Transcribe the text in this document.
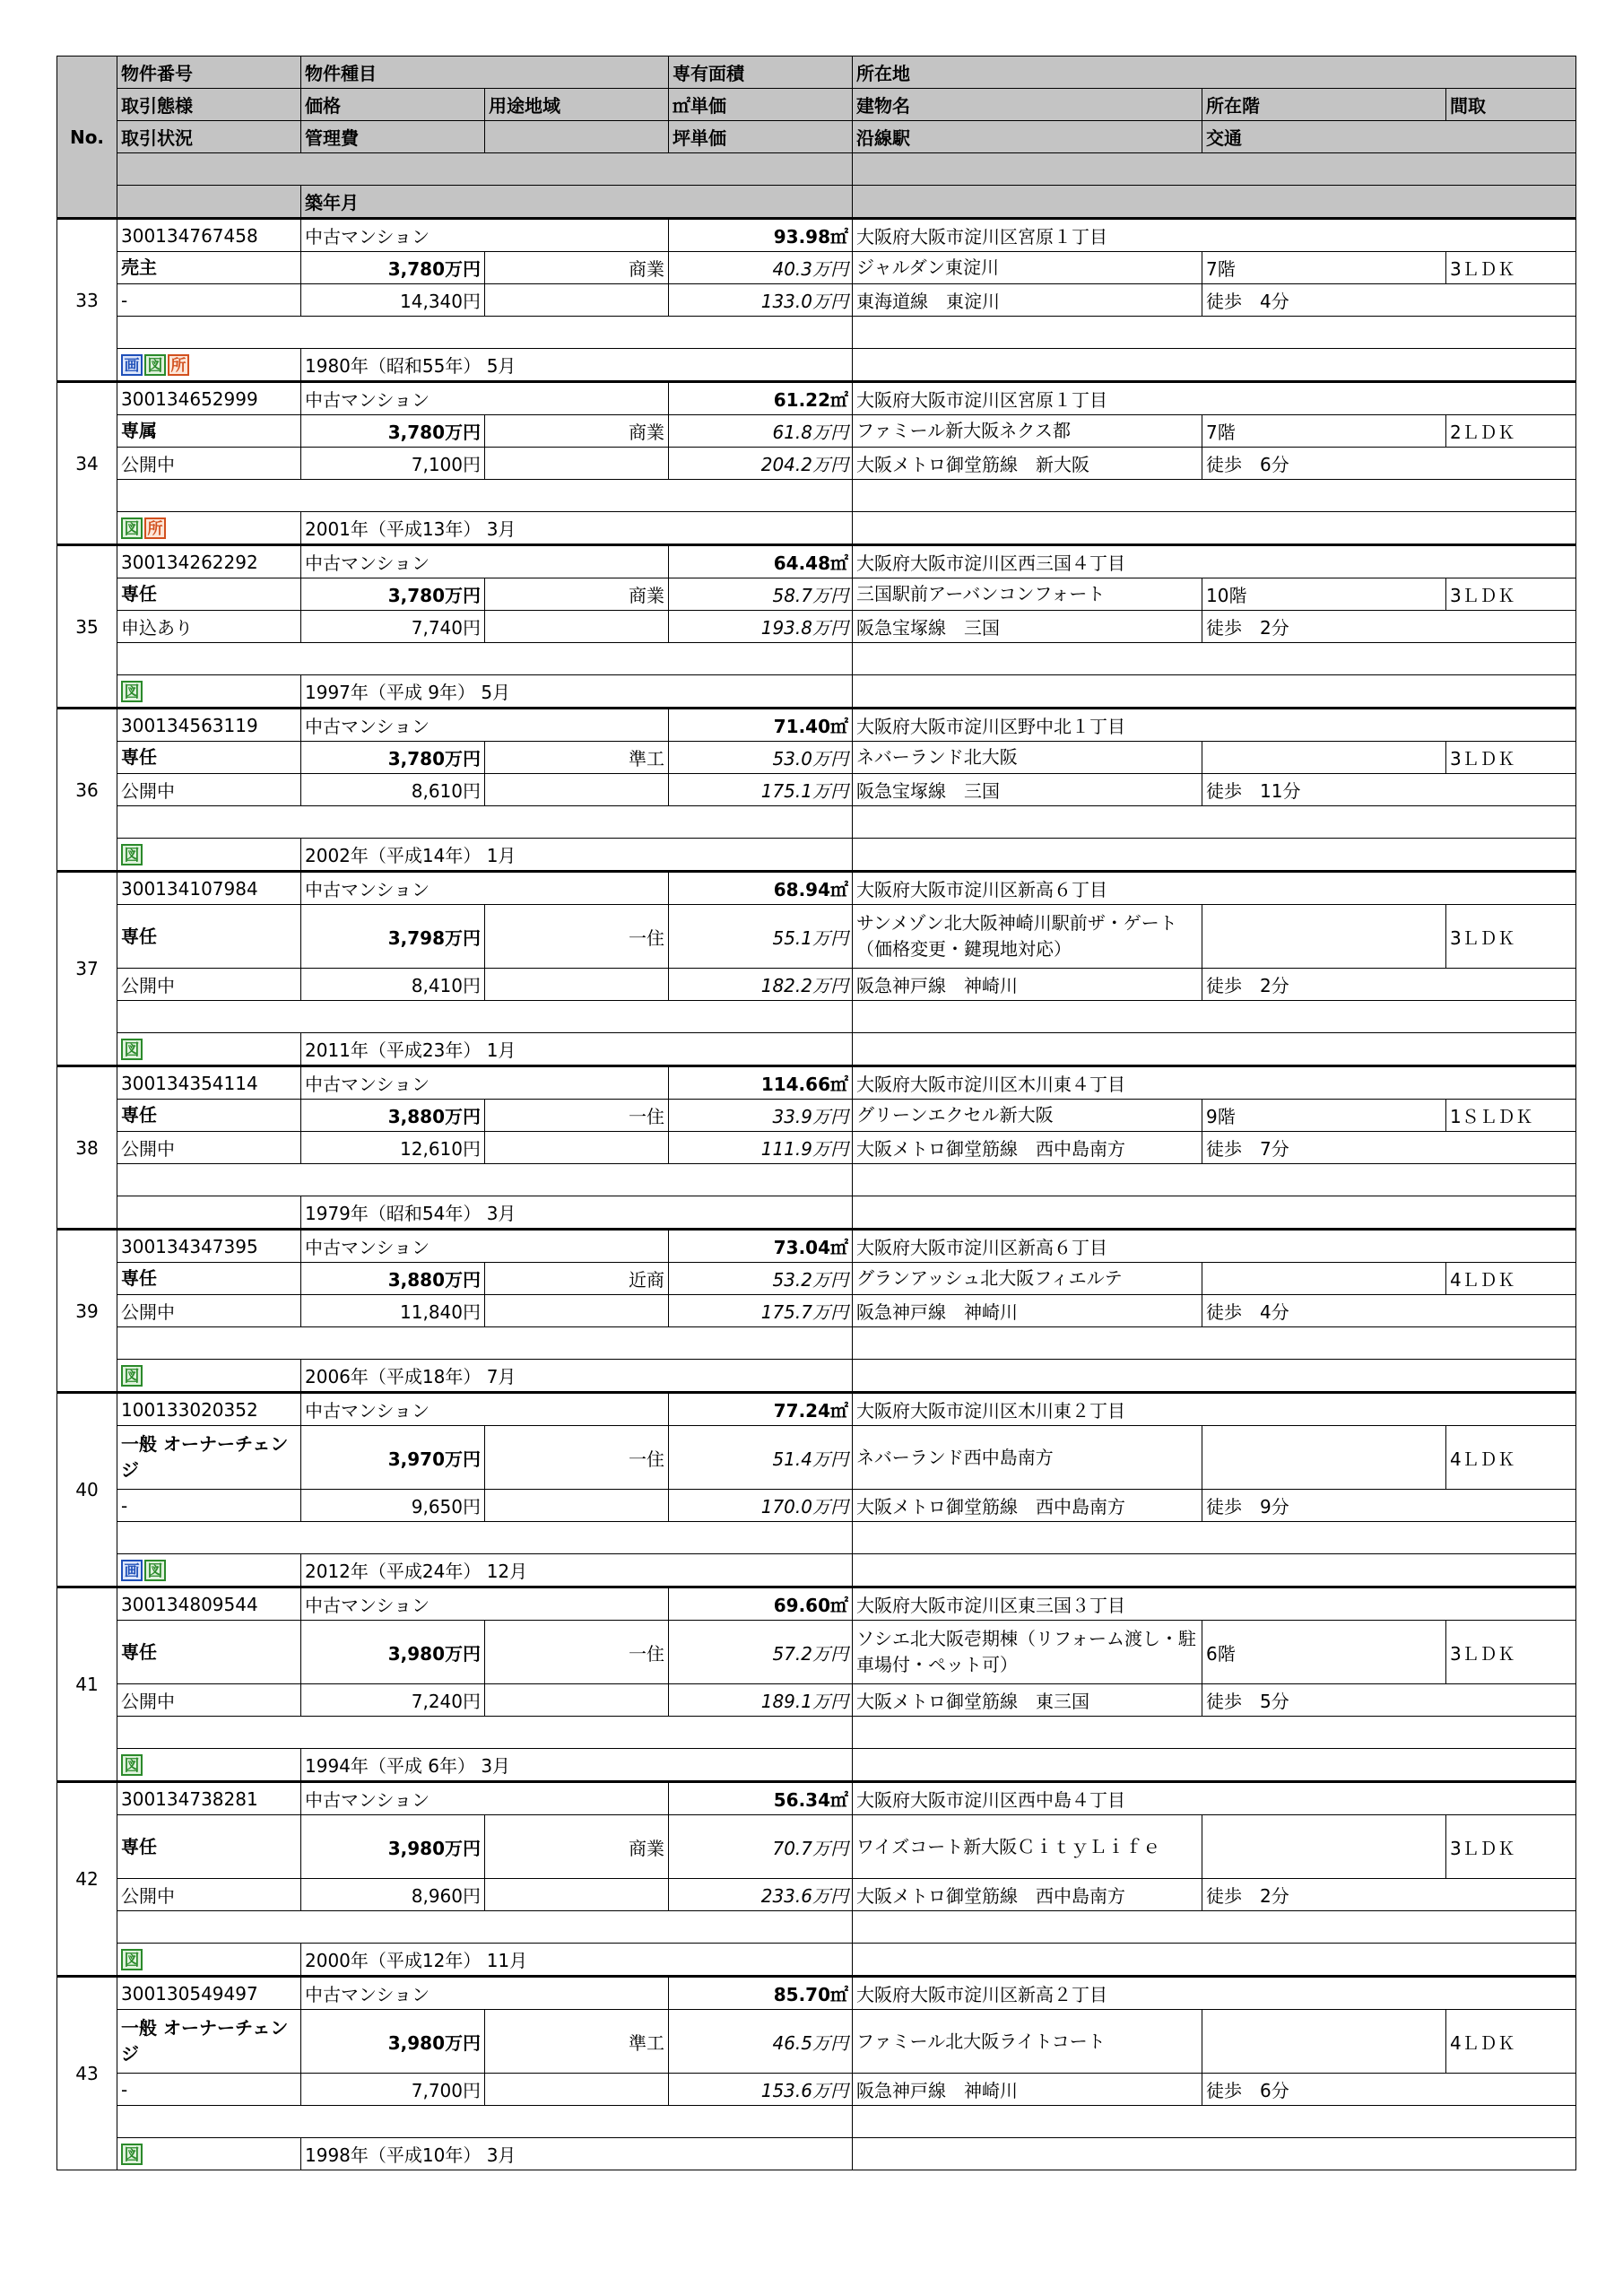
No.	物件番号	物件種目		専有面積	所在地		
	取引態様	価格	用途地域	㎡単価	建物名	所在階	間取
	取引状況	管理費		坪単価	沿線駅	交通	

		築年月					
33	300134767458	中古マンション		93.98㎡	大阪府大阪市淀川区宮原１丁目		
	売主	3,780万円	商業	40.3万円	ジャルダン東淀川	7階	3ＬＤＫ
	-	14,340円		133.0万円	東海道線　東淀川	徒歩　4分	

	画 図 所	1980年（昭和55年） 5月					
34	300134652999	中古マンション		61.22㎡	大阪府大阪市淀川区宮原１丁目		
	専属	3,780万円	商業	61.8万円	ファミール新大阪ネクス都	7階	2ＬＤＫ
	公開中	7,100円		204.2万円	大阪メトロ御堂筋線　新大阪	徒歩　6分	

	図 所	2001年（平成13年） 3月					
35	300134262292	中古マンション		64.48㎡	大阪府大阪市淀川区西三国４丁目		
	専任	3,780万円	商業	58.7万円	三国駅前アーバンコンフォート	10階	3ＬＤＫ
	申込あり	7,740円		193.8万円	阪急宝塚線　三国	徒歩　2分	

	図	1997年（平成 9年） 5月					
36	300134563119	中古マンション		71.40㎡	大阪府大阪市淀川区野中北１丁目		
	専任	3,780万円	準工	53.0万円	ネバーランド北大阪		3ＬＤＫ
	公開中	8,610円		175.1万円	阪急宝塚線　三国	徒歩　11分	

	図	2002年（平成14年） 1月					
37	300134107984	中古マンション		68.94㎡	大阪府大阪市淀川区新高６丁目		
	専任	3,798万円	一住	55.1万円	サンメゾン北大阪神崎川駅前ザ・ゲート（価格変更・鍵現地対応）		3ＬＤＫ
	公開中	8,410円		182.2万円	阪急神戸線　神崎川	徒歩　2分	

	図	2011年（平成23年） 1月					
38	300134354114	中古マンション		114.66㎡	大阪府大阪市淀川区木川東４丁目		
	専任	3,880万円	一住	33.9万円	グリーンエクセル新大阪	9階	1ＳＬＤＫ
	公開中	12,610円		111.9万円	大阪メトロ御堂筋線　西中島南方	徒歩　7分	

		1979年（昭和54年） 3月					
39	300134347395	中古マンション		73.04㎡	大阪府大阪市淀川区新高６丁目		
	専任	3,880万円	近商	53.2万円	グランアッシュ北大阪フィエルテ		4ＬＤＫ
	公開中	11,840円		175.7万円	阪急神戸線　神崎川	徒歩　4分	

	図	2006年（平成18年） 7月					
40	100133020352	中古マンション		77.24㎡	大阪府大阪市淀川区木川東２丁目		
	一般 オーナーチェンジ	3,970万円	一住	51.4万円	ネバーランド西中島南方		4ＬＤＫ
	-	9,650円		170.0万円	大阪メトロ御堂筋線　西中島南方	徒歩　9分	

	画 図	2012年（平成24年） 12月					
41	300134809544	中古マンション		69.60㎡	大阪府大阪市淀川区東三国３丁目		
	専任	3,980万円	一住	57.2万円	ソシエ北大阪壱期棟（リフォーム渡し・駐車場付・ペット可）	6階	3ＬＤＫ
	公開中	7,240円		189.1万円	大阪メトロ御堂筋線　東三国	徒歩　5分	

	図	1994年（平成 6年） 3月					
42	300134738281	中古マンション		56.34㎡	大阪府大阪市淀川区西中島４丁目		
	専任	3,980万円	商業	70.7万円	ワイズコート新大阪ＣｉｔｙＬｉｆｅ		3ＬＤＫ
	公開中	8,960円		233.6万円	大阪メトロ御堂筋線　西中島南方	徒歩　2分	

	図	2000年（平成12年） 11月					
43	300130549497	中古マンション		85.70㎡	大阪府大阪市淀川区新高２丁目		
	一般 オーナーチェンジ	3,980万円	準工	46.5万円	ファミール北大阪ライトコート		4ＬＤＫ
	-	7,700円		153.6万円	阪急神戸線　神崎川	徒歩　6分	

	図	1998年（平成10年） 3月					
